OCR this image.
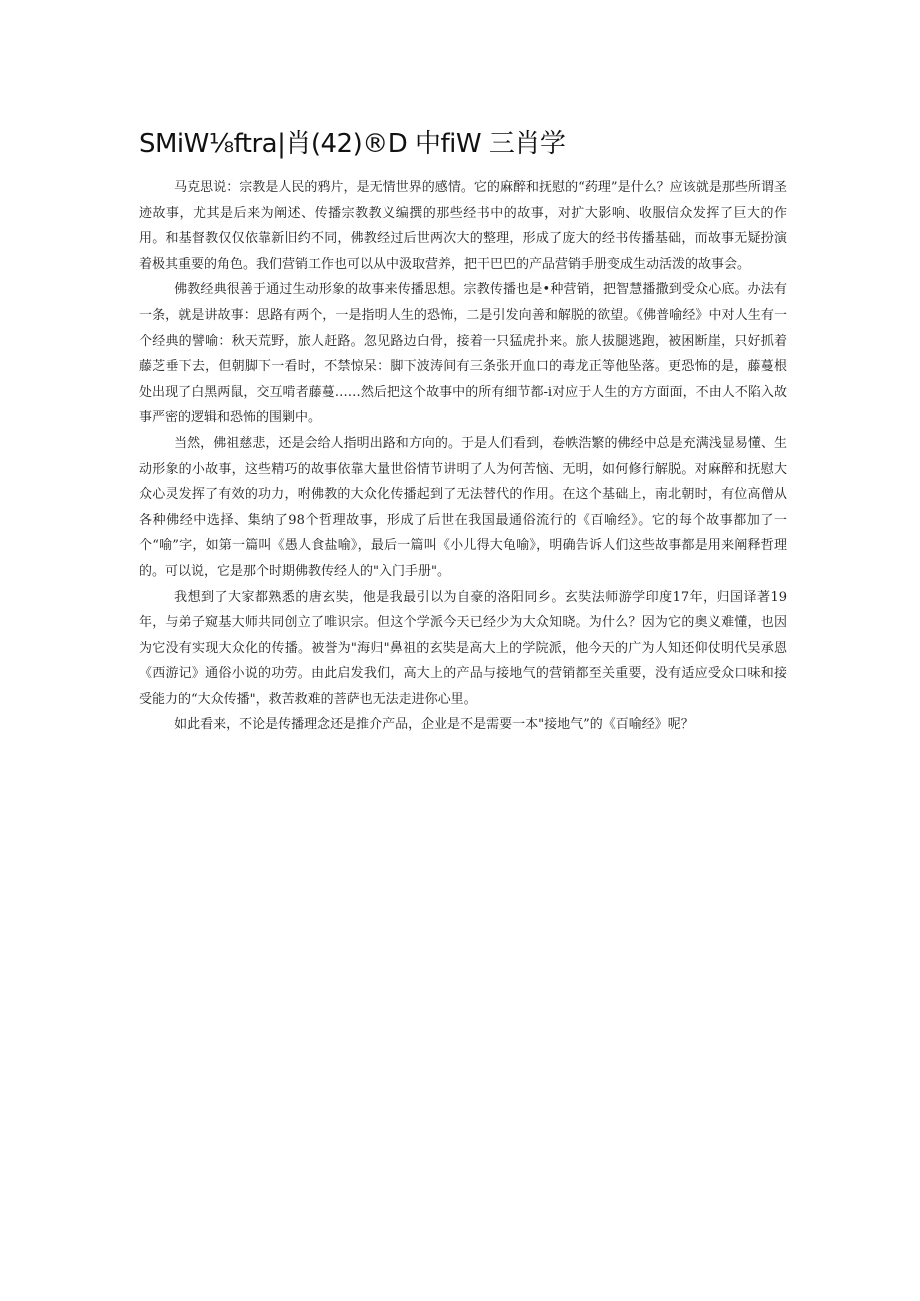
SMiW⅛ftra|肖(42)®D 中fiW 三肖学

马克思说：宗教是人民的鸦片，是无情世界的感情。它的麻醉和抚慰的“药理”是什么？应该就是那些所谓圣迹故事，尤其是后来为阐述、传播宗教教义编撰的那些经书中的故事，对扩大影响、收服信众发挥了巨大的作用。和基督教仅仅依靠新旧约不同，佛教经过后世两次大的整理，形成了庞大的经书传播基础，而故事无疑扮演着极其重要的角色。我们营销工作也可以从中汲取营养，把干巴巴的产品营销手册变成生动活泼的故事会。

佛教经典很善于通过生动形象的故事来传播思想。宗教传播也是•种营销，把智慧播撒到受众心底。办法有一条，就是讲故事：思路有两个，一是指明人生的恐怖，二是引发向善和解脱的欲望。《佛普喻经》中对人生有一个经典的譬喻：秋天荒野，旅人赶路。忽见路边白骨，接着一只猛虎扑来。旅人拔腿逃跑，被困断崖，只好抓着藤芝垂下去，但朝脚下一看时，不禁惊呆：脚下波涛间有三条张开血口的毒龙正等他坠落。更恐怖的是，藤蔓根处出现了白黑两鼠，交互啃者藤蔓……然后把这个故事中的所有细节都-i对应于人生的方方面面，不由人不陷入故事严密的逻辑和恐怖的围剿中。

当然，佛祖慈悲，还是会给人指明出路和方向的。于是人们看到，卷帙浩繁的佛经中总是充满浅显易懂、生动形象的小故事，这些精巧的故事依靠大量世俗情节讲明了人为何苦恼、无明，如何修行解脱。对麻醉和抚慰大众心灵发挥了有效的功力，咐佛教的大众化传播起到了无法替代的作用。在这个基础上，南北朝时，有位高僧从各种佛经中选择、集纳了98个哲理故事，形成了后世在我国最通俗流行的《百喻经》。它的每个故事都加了一个“喻”字，如第一篇叫《愚人食盐喻》，最后一篇叫《小儿得大龟喻》，明确告诉人们这些故事都是用来阐释哲理的。可以说，它是那个时期佛教传经人的"入门手册"。

我想到了大家都熟悉的唐玄奘，他是我最引以为自豪的洛阳同乡。玄奘法师游学印度17年，归国译著19年，与弟子窥基大师共同创立了唯识宗。但这个学派今天已经少为大众知晓。为什么？因为它的奥义难懂，也因为它没有实现大众化的传播。被誉为"海归"鼻祖的玄奘是高大上的学院派，他今天的广为人知还仰仗明代吴承恩《西游记》通俗小说的功劳。由此启发我们，高大上的产品与接地气的营销都至关重要，没有适应受众口味和接受能力的“大众传播"，救苦救难的菩萨也无法走进你心里。

如此看来，不论是传播理念还是推介产品，企业是不是需要一本"接地气”的《百喻经》呢？
